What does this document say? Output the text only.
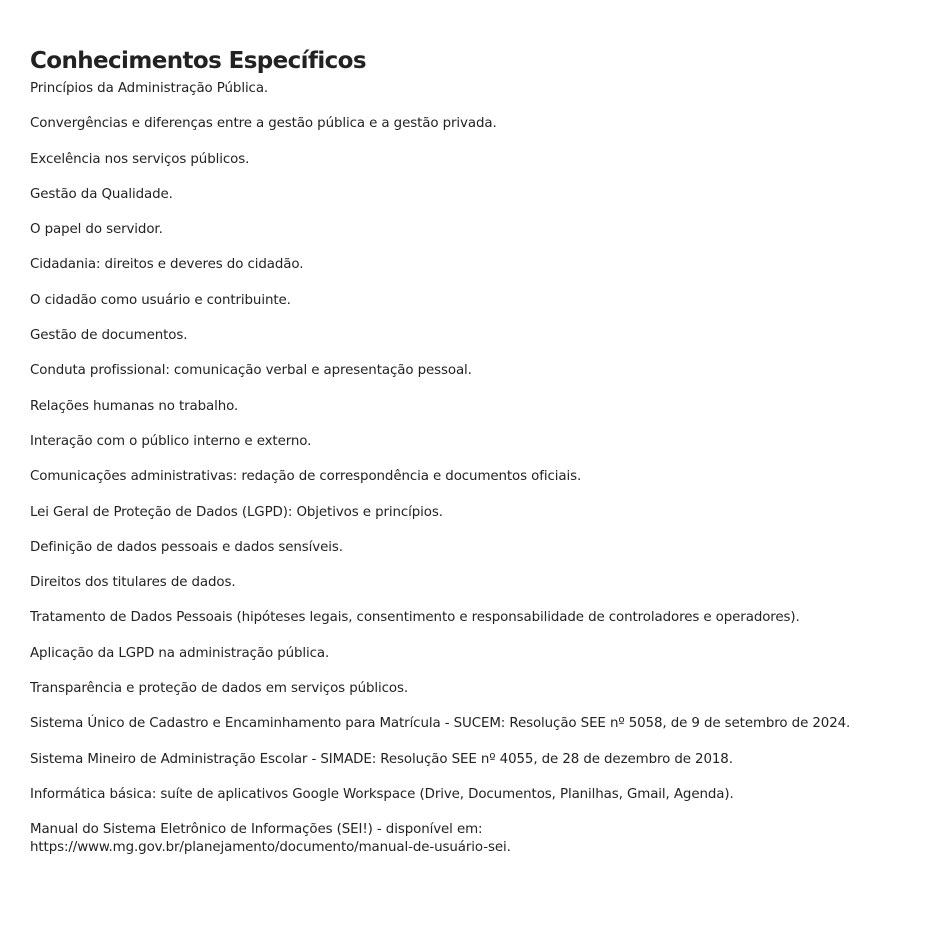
Conhecimentos Específicos
Princípios da Administração Pública.
Convergências e diferenças entre a gestão pública e a gestão privada.
Excelência nos serviços públicos.
Gestão da Qualidade.
O papel do servidor.
Cidadania: direitos e deveres do cidadão.
O cidadão como usuário e contribuinte.
Gestão de documentos.
Conduta profissional: comunicação verbal e apresentação pessoal.
Relações humanas no trabalho.
Interação com o público interno e externo.
Comunicações administrativas: redação de correspondência e documentos oficiais.
Lei Geral de Proteção de Dados (LGPD): Objetivos e princípios.
Definição de dados pessoais e dados sensíveis.
Direitos dos titulares de dados.
Tratamento de Dados Pessoais (hipóteses legais, consentimento e responsabilidade de controladores e operadores).
Aplicação da LGPD na administração pública.
Transparência e proteção de dados em serviços públicos.
Sistema Único de Cadastro e Encaminhamento para Matrícula - SUCEM: Resolução SEE nº 5058, de 9 de setembro de 2024.
Sistema Mineiro de Administração Escolar - SIMADE: Resolução SEE nº 4055, de 28 de dezembro de 2018.
Informática básica: suíte de aplicativos Google Workspace (Drive, Documentos, Planilhas, Gmail, Agenda).
Manual do Sistema Eletrônico de Informações (SEI!) - disponível em:
https://www.mg.gov.br/planejamento/documento/manual-de-usuário-sei.
